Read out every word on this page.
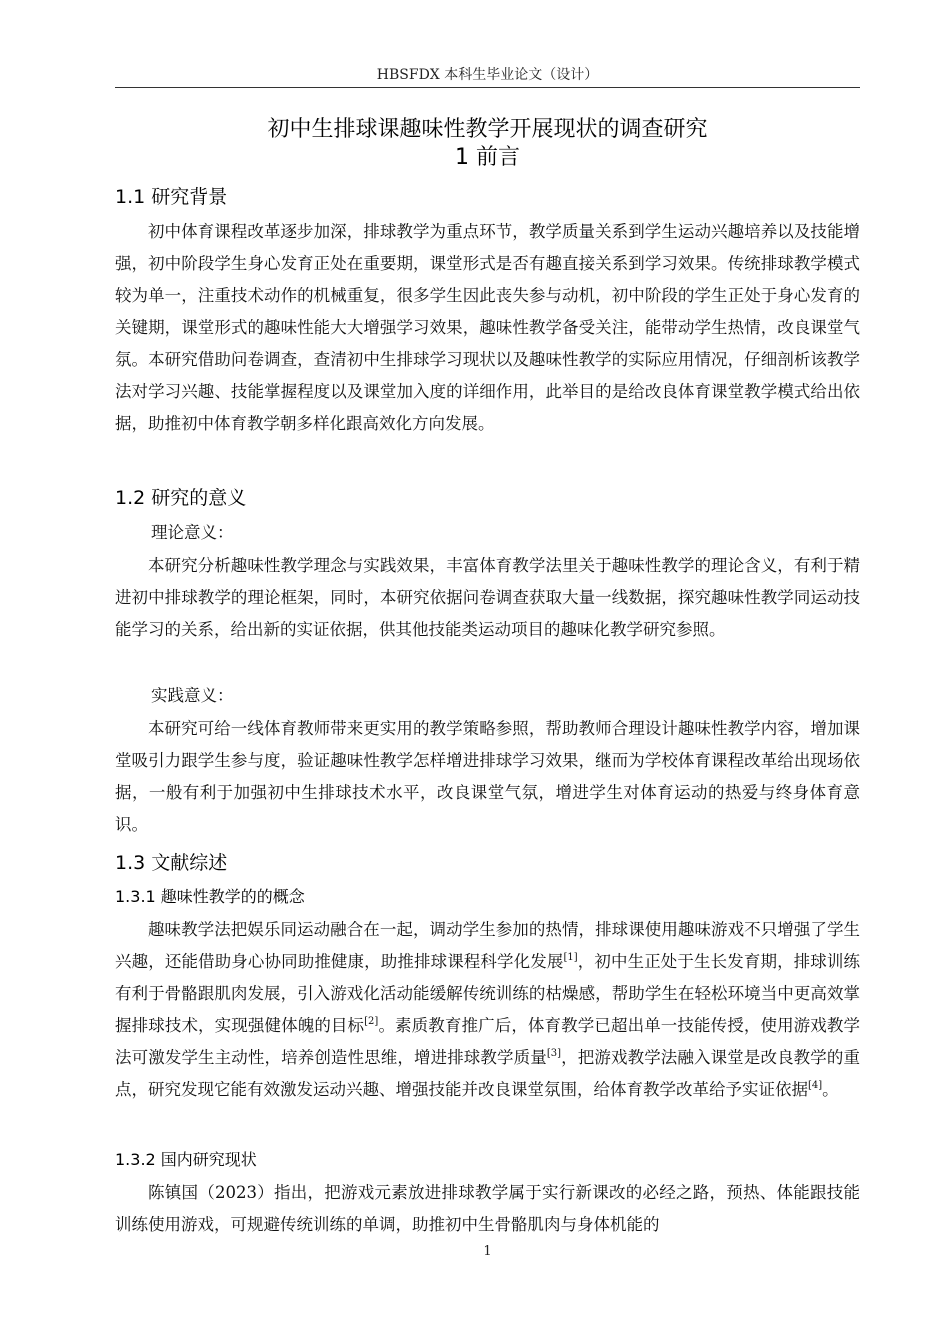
HBSFDX 本科生毕业论文（设计）
初中生排球课趣味性教学开展现状的调查研究
1 前言
1.1 研究背景

初中体育课程改革逐步加深，排球教学为重点环节，教学质量关系到学生运动兴趣培养以及技能增强，初中阶段学生身心发育正处在重要期，课堂形式是否有趣直接关系到学习效果。传统排球教学模式较为单一，注重技术动作的机械重复，很多学生因此丧失参与动机，初中阶段的学生正处于身心发育的关键期，课堂形式的趣味性能大大增强学习效果，趣味性教学备受关注，能带动学生热情，改良课堂气氛。本研究借助问卷调查，查清初中生排球学习现状以及趣味性教学的实际应用情况，仔细剖析该教学法对学习兴趣、技能掌握程度以及课堂加入度的详细作用，此举目的是给改良体育课堂教学模式给出依据，助推初中体育教学朝多样化跟高效化方向发展。

1.2 研究的意义
理论意义：

本研究分析趣味性教学理念与实践效果，丰富体育教学法里关于趣味性教学的理论含义，有利于精进初中排球教学的理论框架，同时，本研究依据问卷调查获取大量一线数据，探究趣味性教学同运动技能学习的关系，给出新的实证依据，供其他技能类运动项目的趣味化教学研究参照。

实践意义：

本研究可给一线体育教师带来更实用的教学策略参照，帮助教师合理设计趣味性教学内容，增加课堂吸引力跟学生参与度，验证趣味性教学怎样增进排球学习效果，继而为学校体育课程改革给出现场依据，一般有利于加强初中生排球技术水平，改良课堂气氛，增进学生对体育运动的热爱与终身体育意识。

1.3 文献综述
1.3.1 趣味性教学的的概念

趣味教学法把娱乐同运动融合在一起，调动学生参加的热情，排球课使用趣味游戏不只增强了学生兴趣，还能借助身心协同助推健康，助推排球课程科学化发展[1]，初中生正处于生长发育期，排球训练有利于骨骼跟肌肉发展，引入游戏化活动能缓解传统训练的枯燥感，帮助学生在轻松环境当中更高效掌握排球技术，实现强健体魄的目标[2]。素质教育推广后，体育教学已超出单一技能传授，使用游戏教学法可激发学生主动性，培养创造性思维，增进排球教学质量[3]，把游戏教学法融入课堂是改良教学的重点，研究发现它能有效激发运动兴趣、增强技能并改良课堂氛围，给体育教学改革给予实证依据[4]。

1.3.2 国内研究现状

陈镇国（2023）指出，把游戏元素放进排球教学属于实行新课改的必经之路，预热、体能跟技能训练使用游戏，可规避传统训练的单调，助推初中生骨骼肌肉与身体机能的

1
